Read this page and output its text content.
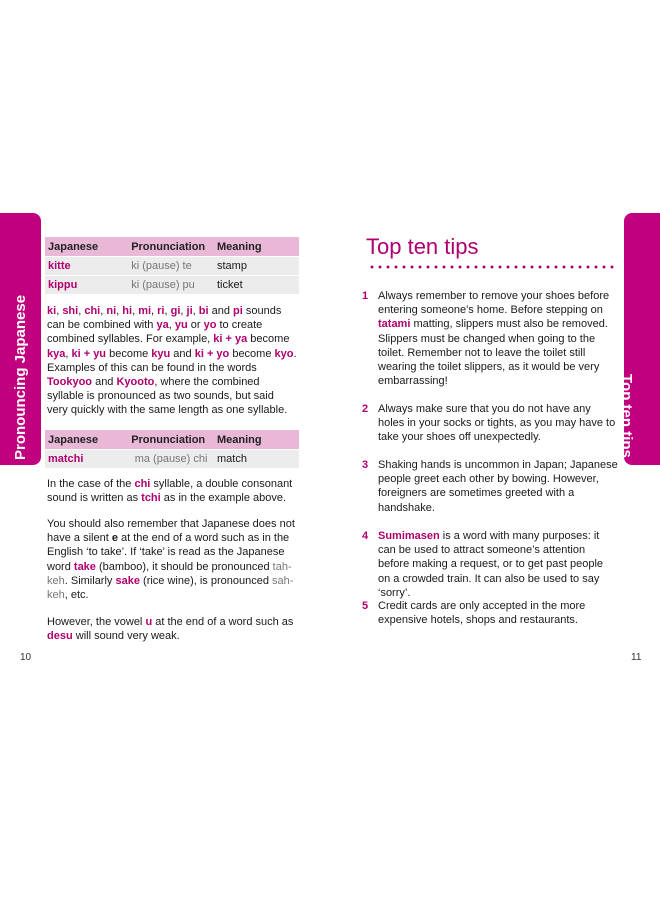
Pronouncing Japanese	Top ten tips
Japanese	Pronunciation	Meaning
kitte	ki (pause) te	stamp
kippu	ki (pause) pu	ticket
ki, shi, chi, ni, hi, mi, ri, gi, ji, bi and pi sounds can be combined with ya, yu or yo to create combined syllables. For example, ki + ya become kya, ki + yu become kyu and ki + yo become kyo. Examples of this can be found in the words Tookyoo and Kyooto, where the combined syllable is pronounced as two sounds, but said very quickly with the same length as one syllable.
Japanese	Pronunciation	Meaning
matchi	ma (pause) chi	match
In the case of the chi syllable, a double consonant sound is written as tchi as in the example above.
You should also remember that Japanese does not have a silent e at the end of a word such as in the English ‘to take’. If ‘take’ is read as the Japanese word take (bamboo), it should be pronounced tah-keh. Similarly sake (rice wine), is pronounced sah-keh, etc.
However, the vowel u at the end of a word such as desu will sound very weak.
10
Top ten tips
1 Always remember to remove your shoes before entering someone’s home. Before stepping on tatami matting, slippers must also be removed. Slippers must be changed when going to the toilet. Remember not to leave the toilet still wearing the toilet slippers, as it would be very embarrassing!
2 Always make sure that you do not have any holes in your socks or tights, as you may have to take your shoes off unexpectedly.
3 Shaking hands is uncommon in Japan; Japanese people greet each other by bowing. However, foreigners are sometimes greeted with a handshake.
4 Sumimasen is a word with many purposes: it can be used to attract someone’s attention before making a request, or to get past people on a crowded train. It can also be used to say ‘sorry’.
5 Credit cards are only accepted in the more expensive hotels, shops and restaurants.
11
